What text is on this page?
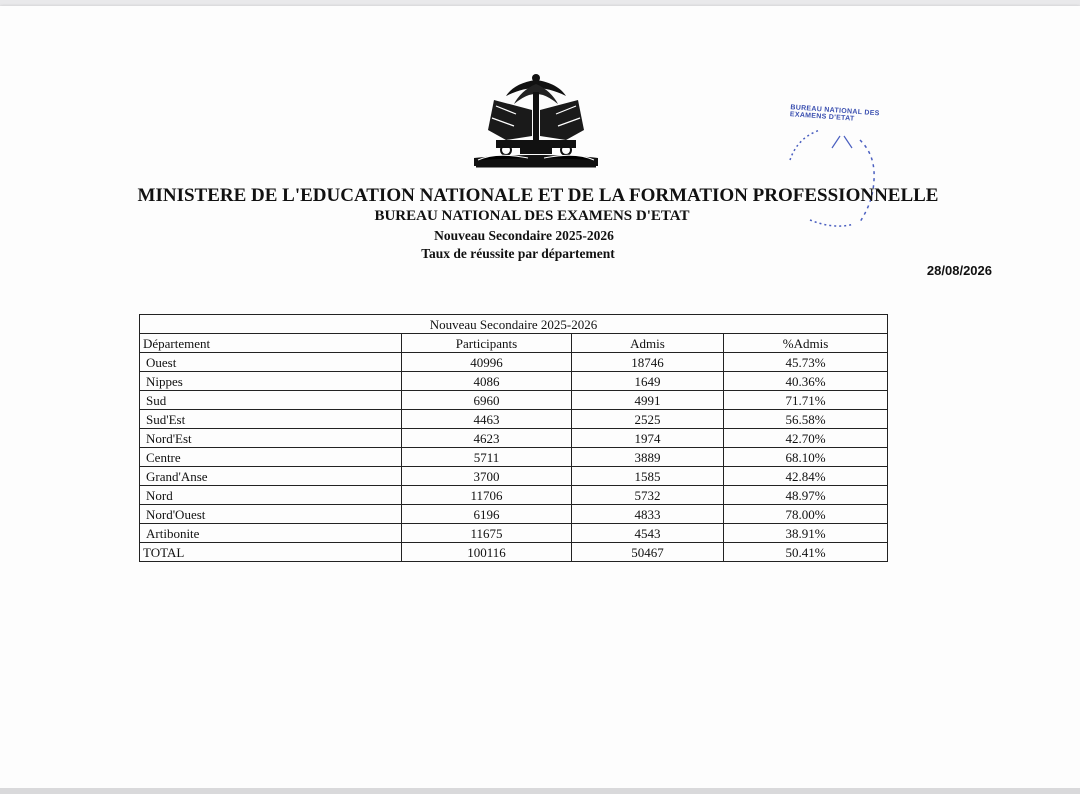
BUREAU NATIONAL DES EXAMENS D'ETAT
MINISTERE DE L'EDUCATION NATIONALE ET DE LA FORMATION PROFESSIONNELLE
BUREAU NATIONAL DES EXAMENS D'ETAT
Nouveau Secondaire 2025-2026
Taux de réussite par département
28/08/2026
Nouveau Secondaire 2025-2026			
Département	Participants	Admis	%Admis
Ouest	40996	18746	45.73%
Nippes	4086	1649	40.36%
Sud	6960	4991	71.71%
Sud'Est	4463	2525	56.58%
Nord'Est	4623	1974	42.70%
Centre	5711	3889	68.10%
Grand'Anse	3700	1585	42.84%
Nord	11706	5732	48.97%
Nord'Ouest	6196	4833	78.00%
Artibonite	11675	4543	38.91%
TOTAL	100116	50467	50.41%
